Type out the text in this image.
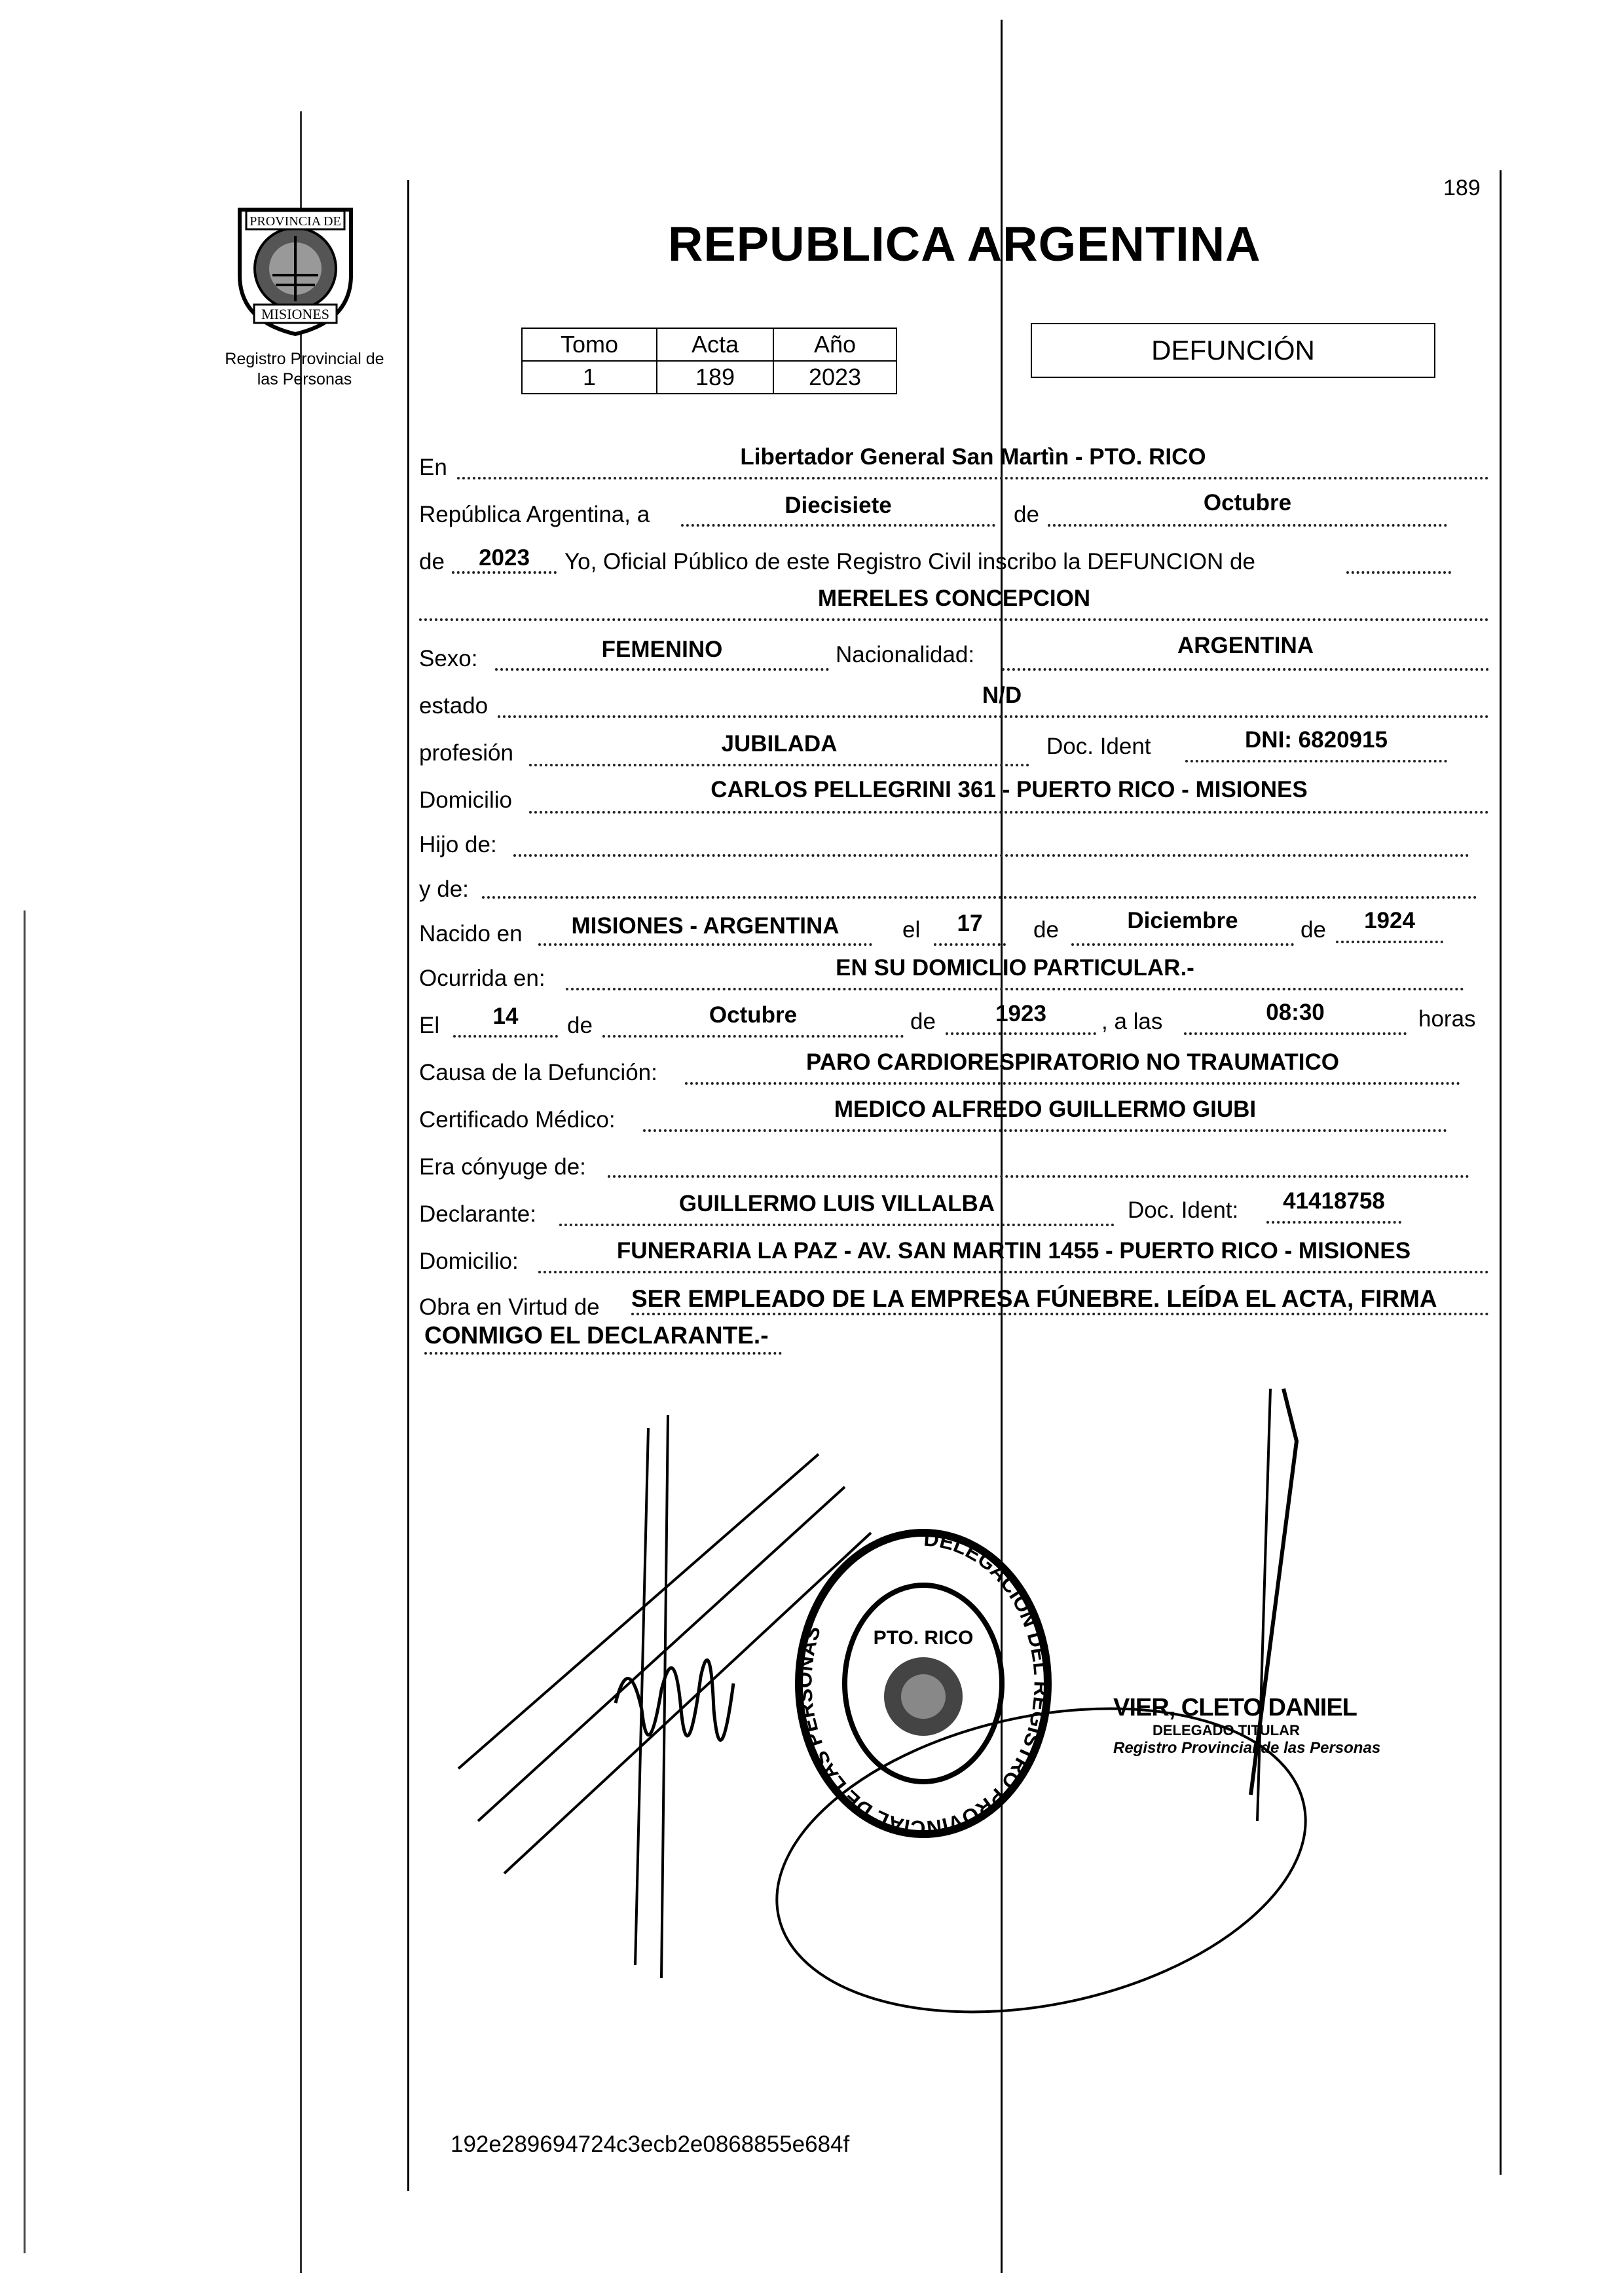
189
PROVINCIA DE
MISIONES
Registro Provincial de
las Personas
REPUBLICA ARGENTINA
Tomo	Acta	Año
1	189	2023
DEFUNCIÓN
En	Libertador General San Martìn - PTO. RICO
República Argentina, a	Diecisiete	de	Octubre
de	2023	Yo, Oficial Público de este Registro Civil inscribo la DEFUNCION de
MERELES CONCEPCION
Sexo:	FEMENINO	Nacionalidad:	ARGENTINA
estado	N/D
profesión	JUBILADA	Doc. Ident	DNI: 6820915
Domicilio	CARLOS PELLEGRINI 361 - PUERTO RICO - MISIONES
Hijo de:
y de:
Nacido en	MISIONES - ARGENTINA	el	17	de	Diciembre	de	1924
Ocurrida en:	EN SU DOMICLIO PARTICULAR.-
El	14	de	Octubre	de	1923	, a las	08:30	horas
Causa de la Defunción:	PARO CARDIORESPIRATORIO NO TRAUMATICO
Certificado Médico:	MEDICO ALFREDO GUILLERMO GIUBI
Era cónyuge de:
Declarante:	GUILLERMO LUIS VILLALBA	Doc. Ident:	41418758
Domicilio:	FUNERARIA LA PAZ - AV. SAN MARTIN 1455 - PUERTO RICO - MISIONES
Obra en Virtud de SER EMPLEADO DE LA EMPRESA FÚNEBRE. LEÍDA EL ACTA, FIRMA
CONMIGO EL DECLARANTE.-
DELEGACION DEL REGISTRO PROVINCIAL DE LAS PERSONAS	PTO. RICO
VIER, CLETO DANIEL
DELEGADO TITULAR
Registro Provincial de las Personas
192e289694724c3ecb2e0868855e684f
